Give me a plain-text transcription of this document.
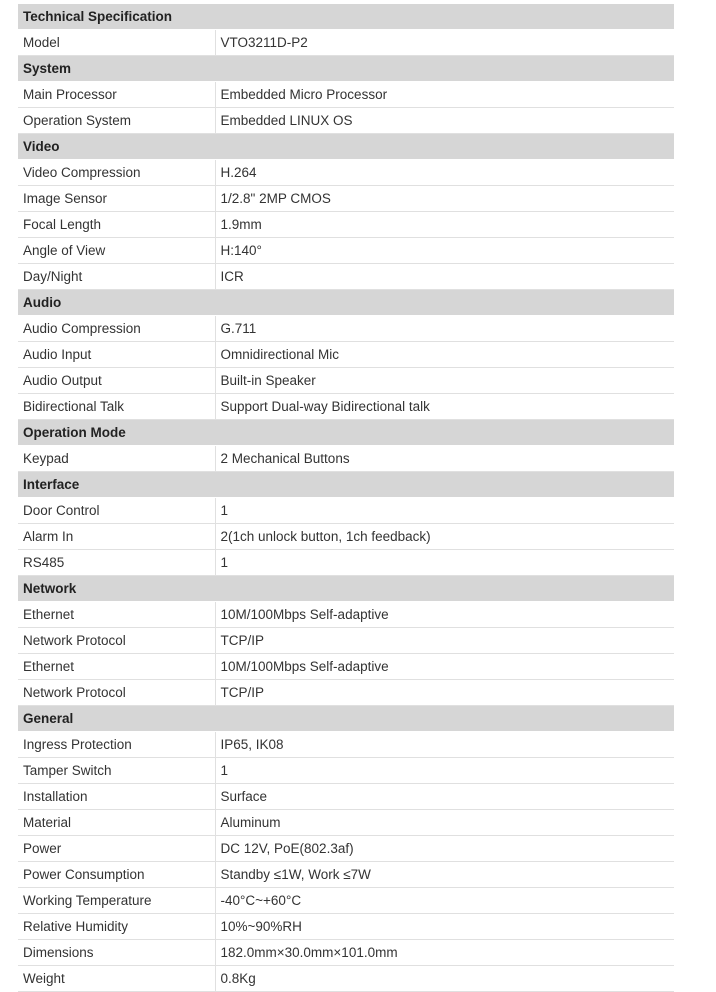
Technical Specification	
Model	VTO3211D-P2
System	
Main Processor	Embedded Micro Processor
Operation System	Embedded LINUX OS
Video	
Video Compression	H.264
Image Sensor	1/2.8" 2MP CMOS
Focal Length	1.9mm
Angle of View	H:140°
Day/Night	ICR
Audio	
Audio Compression	G.711
Audio Input	Omnidirectional Mic
Audio Output	Built-in Speaker
Bidirectional Talk	Support Dual-way Bidirectional talk
Operation Mode	
Keypad	2 Mechanical Buttons
Interface	
Door Control	1
Alarm In	2(1ch unlock button, 1ch feedback)
RS485	1
Network	
Ethernet	10M/100Mbps Self-adaptive
Network Protocol	TCP/IP
Ethernet	10M/100Mbps Self-adaptive
Network Protocol	TCP/IP
General	
Ingress Protection	IP65, IK08
Tamper Switch	1
Installation	Surface
Material	Aluminum
Power	DC 12V, PoE(802.3af)
Power Consumption	Standby ≤1W, Work ≤7W
Working Temperature	-40°C~+60°C
Relative Humidity	10%~90%RH
Dimensions	182.0mm×30.0mm×101.0mm
Weight	0.8Kg
